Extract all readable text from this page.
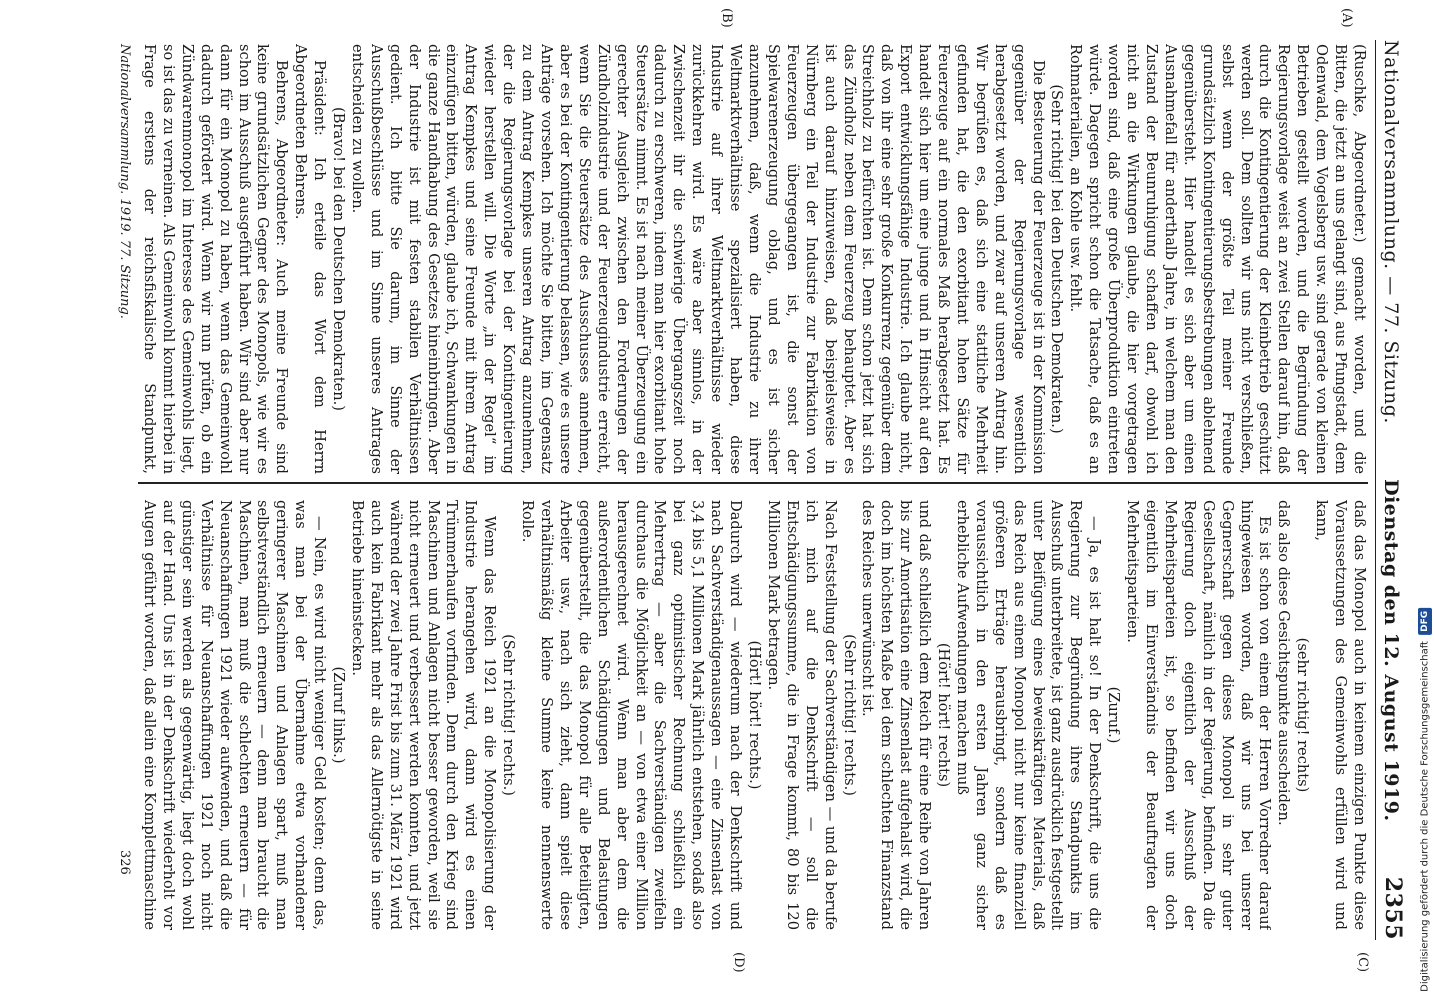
Nationalversammlung. — 77. Sitzung.
Dienstag den 12. August 1919.
2355
(A)
(B)
(C)
(D)

(Ruschke, Abgeordneter.) gemacht worden, und die Bitten, die jetzt an uns gelangt sind, aus Pfungstadt, dem Odenwald, dem Vogelsberg usw. sind gerade von kleinen Betrieben gestellt worden, und die Begründung der Regierungsvorlage weist an zwei Stellen darauf hin, daß durch die Kontingentierung der Kleinbetrieb geschützt werden soll. Dem sollten wir uns nicht verschließen, selbst wenn der größte Teil meiner Freunde grundsätzlich Kontingentierungsbestrebungen ablehnend gegenübersteht. Hier handelt es sich aber um einen Ausnahmefall für anderthalb Jahre, in welchem man den Zustand der Beunruhigung schaffen darf, obwohl ich nicht an die Wirkungen glaube, die hier vorgetragen worden sind, daß eine große Überproduktion eintreten würde. Dagegen spricht schon die Tatsache, daß es an Rohmaterialien, an Kohle usw. fehlt.

(Sehr richtig! bei den Deutschen Demokraten.)

Die Besteuerung der Feuerzeuge ist in der Kommission gegenüber der Regierungsvorlage wesentlich herabgesetzt worden, und zwar auf unseren Antrag hin. Wir begrüßen es, daß sich eine stattliche Mehrheit gefunden hat, die den exorbitant hohen Sätze für Feuerzeuge auf ein normales Maß herabgesetzt hat. Es handelt sich hier um eine junge und in Hinsicht auf den Export entwicklungsfähige Industrie. Ich glaube nicht, daß von ihr eine sehr große Konkurrenz gegenüber dem Streichholz zu befürchten ist. Denn schon jetzt hat sich das Zündholz neben dem Feuerzeug behauptet. Aber es ist auch darauf hinzuweisen, daß beispielsweise in Nürnberg ein Teil der Industrie zur Fabrikation von Feuerzeugen übergegangen ist, die sonst der Spielwarenerzeugung oblag, und es ist sicher anzunehmen, daß, wenn die Industrie zu ihrer Weltmarktverhältnisse spezialisiert haben, diese Industrie auf ihrer Weltmarktverhältnisse wieder zurückkehren wird. Es wäre aber sinnlos, in der Zwischenzeit ihr die schwierige Übergangszeit noch dadurch zu erschweren, indem man hier exorbitant hohe Steuersätze nimmt. Es ist nach meiner Überzeugung ein gerechter Ausgleich zwischen den Forderungen der Zündholzindustrie und der Feuerzeugindustrie erreicht, wenn Sie die Steuersätze des Ausschusses annehmen, aber es bei der Kontingentierung belassen, wie es unsere Anträge vorsehen. Ich möchte Sie bitten, im Gegensatz zu dem Antrag Kempkes unseren Antrag anzunehmen, der die Regierungsvorlage bei der Kontingentierung wieder herstellen will. Die Worte „in der Regel“ im Antrag Kempkes und seine Freunde mit ihrem Antrag einzufügen bitten, würden, glaube ich, Schwankungen in die ganze Handhabung des Gesetzes hineinbringen. Aber der Industrie ist mit festen stabilen Verhältnissen gedient. Ich bitte Sie darum, im Sinne der Ausschußbeschlüsse und im Sinne unseres Antrages entscheiden zu wollen.

(Bravo! bei den Deutschen Demokraten.)

Präsident: Ich erteile das Wort dem Herrn Abgeordneten Behrens.

Behrens, Abgeordneter: Auch meine Freunde sind keine grundsätzlichen Gegner des Monopols, wie wir es schon im Ausschuß ausgeführt haben. Wir sind aber nur dann für ein Monopol zu haben, wenn das Gemeinwohl dadurch gefördert wird. Wenn wir nun prüfen, ob ein Zündwarenmonopol im Interesse des Gemeinwohls liegt, so ist das zu verneinen. Als Gemeinwohl kommt hierbei in Frage erstens der reichsfiskalische Standpunkt,

daß das Monopol auch in keinem einzigen Punkte diese Voraussetzungen des Gemeinwohls erfüllen wird und kann,

(sehr richtig! rechts)

daß also diese Gesichtspunkte ausscheiden.

Es ist schon von einem der Herren Vorredner darauf hingewiesen worden, daß wir uns bei unserer Gegnerschaft gegen dieses Monopol in sehr guter Gesellschaft, nämlich in der Regierung, befinden. Da die Regierung doch eigentlich der Ausschuß der Mehrheitsparteien ist, so befinden wir uns doch eigentlich im Einverständnis der Beauftragten der Mehrheitsparteien.

(Zuruf.)

— Ja, es ist halt so! In der Denkschrift, die uns die Regierung zur Begründung ihres Standpunkts im Ausschuß unterbreitete, ist ganz ausdrücklich festgestellt unter Beifügung eines beweiskräftigen Materials, daß das Reich aus einem Monopol nicht nur keine finanziell größeren Erträge herausbringt, sondern daß es voraussichtlich in den ersten Jahren ganz sicher erhebliche Aufwendungen machen muß

(Hört! hört! rechts)

und daß schließlich dem Reich für eine Reihe von Jahren bis zur Amortisation eine Zinsenlast aufgehalst wird, die doch im höchsten Maße bei dem schlechten Finanzstand des Reiches unerwünscht ist.

(Sehr richtig! rechts.)

Nach Feststellung der Sachverständigen — und da berufe ich mich auf die Denkschrift — soll die Entschädigungssumme, die in Frage kommt, 80 bis 120 Millionen Mark betragen.

(Hört! hört! rechts.)

Dadurch wird — wiederum nach der Denkschrift und nach Sachverständigenaussagen — eine Zinsenlast von 3,4 bis 5,1 Millionen Mark jährlich entstehen, sodaß also bei ganz optimistischer Rechnung schließlich ein Mehrertrag — aber die Sachverständigen zweifeln durchaus die Möglichkeit an — von etwa einer Million herausgerechnet wird. Wenn man aber dem die außerordentlichen Schädigungen und Belastungen gegenüberstellt, die das Monopol für alle Beteiligten, Arbeiter usw., nach sich zieht, dann spielt diese verhältnismäßig kleine Summe keine nennenswerte Rolle.

(Sehr richtig! rechts.)

Wenn das Reich 1921 an die Monopolisierung der Industrie herangehen wird, dann wird es einen Trümmerhaufen vorfinden. Denn durch den Krieg sind Maschinen und Anlagen nicht besser geworden, weil sie nicht erneuert und verbessert werden konnten, und jetzt während der zwei Jahre Frist bis zum 31. März 1921 wird auch kein Fabrikant mehr als das Allernötigste in seine Betriebe hineinstecken.

(Zuruf links.)

— Nein, es wird nicht weniger Geld kosten; denn das, was man bei der Übernahme etwa vorhandener geringerer Maschinen und Anlagen spart, muß man selbstverständlich erneuern — denn man braucht die Maschinen, man muß die schlechten erneuern — für Neuanschaffungen 1921 wieder aufwenden, und daß die Verhältnisse für Neuanschaffungen 1921 noch nicht günstiger sein werden als gegenwärtig, liegt doch wohl auf der Hand. Uns ist in der Denkschrift wiederholt vor Augen geführt worden, daß allein eine Komplettmaschine

Nationalversammlung. 1919. 77. Sitzung.
326	Digitalisierung gefördert durch die Deutsche Forschungsgemeinschaft
DFG
